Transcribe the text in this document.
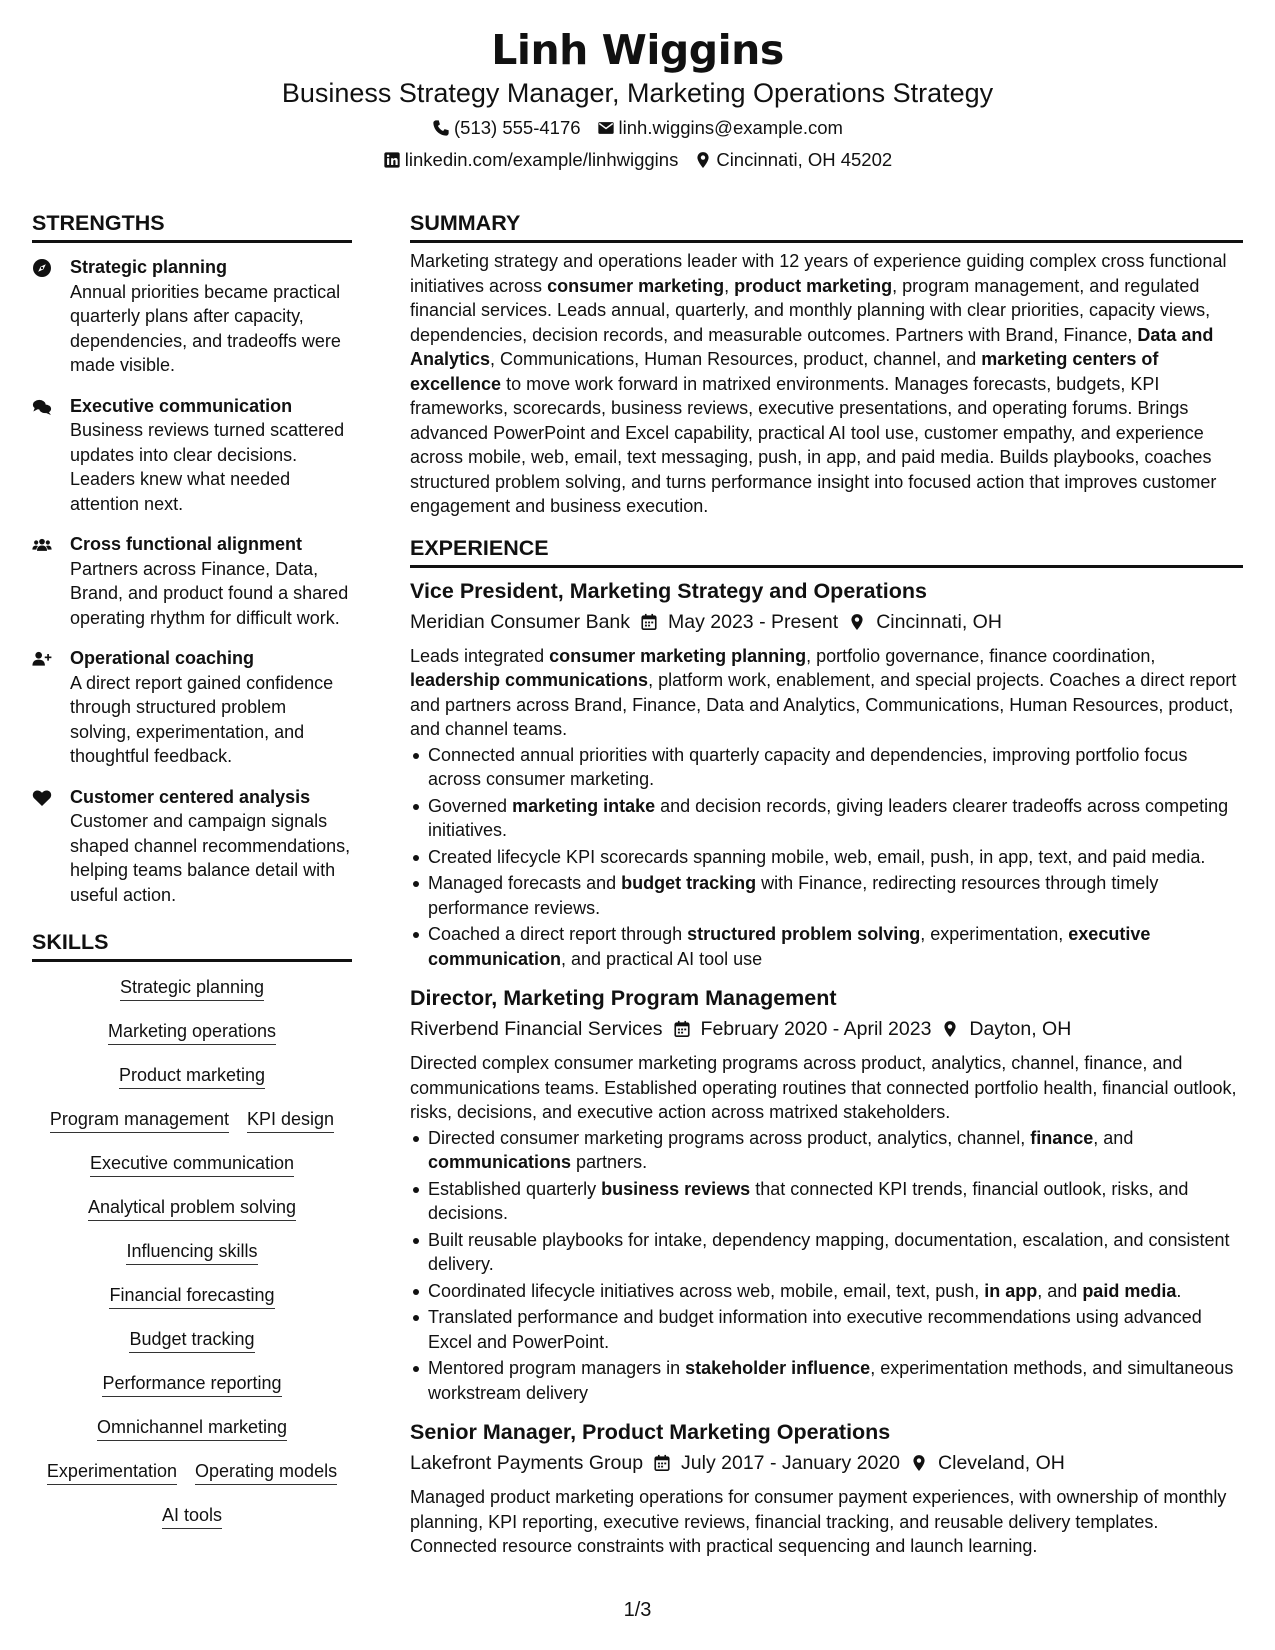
Linh Wiggins
Business Strategy Manager, Marketing Operations Strategy
(513) 555-4176 linh.wiggins@example.com
linkedin.com/example/linhwiggins Cincinnati, OH 45202
STRENGTHS
Strategic planning
Annual priorities became practical quarterly plans after capacity, dependencies, and tradeoffs were made visible.
Executive communication
Business reviews turned scattered updates into clear decisions. Leaders knew what needed attention next.
Cross functional alignment
Partners across Finance, Data, Brand, and product found a shared operating rhythm for difficult work.
Operational coaching
A direct report gained confidence through structured problem solving, experimentation, and thoughtful feedback.
Customer centered analysis
Customer and campaign signals shaped channel recommendations, helping teams balance detail with useful action.
SKILLS
Strategic planning
Marketing operations
Product marketing
Program management KPI design
Executive communication
Analytical problem solving
Influencing skills
Financial forecasting
Budget tracking
Performance reporting
Omnichannel marketing
Experimentation Operating models
AI tools
SUMMARY
Marketing strategy and operations leader with 12 years of experience guiding complex cross functional initiatives across consumer marketing, product marketing, program management, and regulated financial services. Leads annual, quarterly, and monthly planning with clear priorities, capacity views, dependencies, decision records, and measurable outcomes. Partners with Brand, Finance, Data and Analytics, Communications, Human Resources, product, channel, and marketing centers of excellence to move work forward in matrixed environments. Manages forecasts, budgets, KPI frameworks, scorecards, business reviews, executive presentations, and operating forums. Brings advanced PowerPoint and Excel capability, practical AI tool use, customer empathy, and experience across mobile, web, email, text messaging, push, in app, and paid media. Builds playbooks, coaches structured problem solving, and turns performance insight into focused action that improves customer engagement and business execution.
EXPERIENCE
Vice President, Marketing Strategy and Operations
Meridian Consumer Bank May 2023 - Present Cincinnati, OH
Leads integrated consumer marketing planning, portfolio governance, finance coordination, leadership communications, platform work, enablement, and special projects. Coaches a direct report and partners across Brand, Finance, Data and Analytics, Communications, Human Resources, product, and channel teams.
Connected annual priorities with quarterly capacity and dependencies, improving portfolio focus across consumer marketing.
Governed marketing intake and decision records, giving leaders clearer tradeoffs across competing initiatives.
Created lifecycle KPI scorecards spanning mobile, web, email, push, in app, text, and paid media.
Managed forecasts and budget tracking with Finance, redirecting resources through timely performance reviews.
Coached a direct report through structured problem solving, experimentation, executive communication, and practical AI tool use
Director, Marketing Program Management
Riverbend Financial Services February 2020 - April 2023 Dayton, OH
Directed complex consumer marketing programs across product, analytics, channel, finance, and communications teams. Established operating routines that connected portfolio health, financial outlook, risks, decisions, and executive action across matrixed stakeholders.
Directed consumer marketing programs across product, analytics, channel, finance, and communications partners.
Established quarterly business reviews that connected KPI trends, financial outlook, risks, and decisions.
Built reusable playbooks for intake, dependency mapping, documentation, escalation, and consistent delivery.
Coordinated lifecycle initiatives across web, mobile, email, text, push, in app, and paid media.
Translated performance and budget information into executive recommendations using advanced Excel and PowerPoint.
Mentored program managers in stakeholder influence, experimentation methods, and simultaneous workstream delivery
Senior Manager, Product Marketing Operations
Lakefront Payments Group July 2017 - January 2020 Cleveland, OH
Managed product marketing operations for consumer payment experiences, with ownership of monthly planning, KPI reporting, executive reviews, financial tracking, and reusable delivery templates. Connected resource constraints with practical sequencing and launch learning.
1/3
